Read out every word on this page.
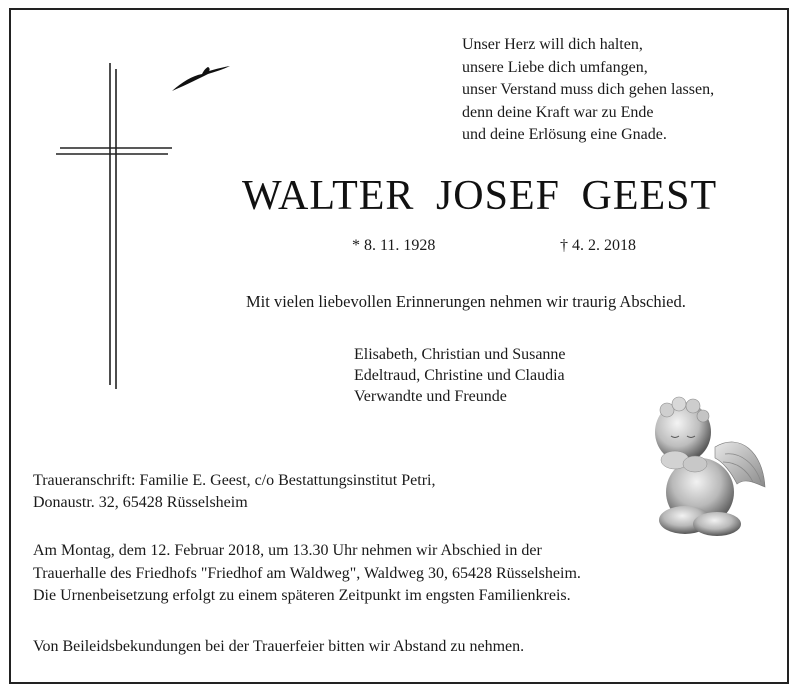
Unser Herz will dich halten,
unsere Liebe dich umfangen,
unser Verstand muss dich gehen lassen,
denn deine Kraft war zu Ende
und deine Erlösung eine Gnade.
WALTER JOSEF GEEST
* 8. 11. 1928	† 4. 2. 2018
Mit vielen liebevollen Erinnerungen nehmen wir traurig Abschied.
Elisabeth, Christian und Susanne
Edeltraud, Christine und Claudia
Verwandte und Freunde
Traueranschrift: Familie E. Geest, c/o Bestattungsinstitut Petri,
Donaustr. 32, 65428 Rüsselsheim
Am Montag, dem 12. Februar 2018, um 13.30 Uhr nehmen wir Abschied in der
Trauerhalle des Friedhofs "Friedhof am Waldweg", Waldweg 30, 65428 Rüsselsheim.
Die Urnenbeisetzung erfolgt zu einem späteren Zeitpunkt im engsten Familienkreis.
Von Beileidsbekundungen bei der Trauerfeier bitten wir Abstand zu nehmen.
